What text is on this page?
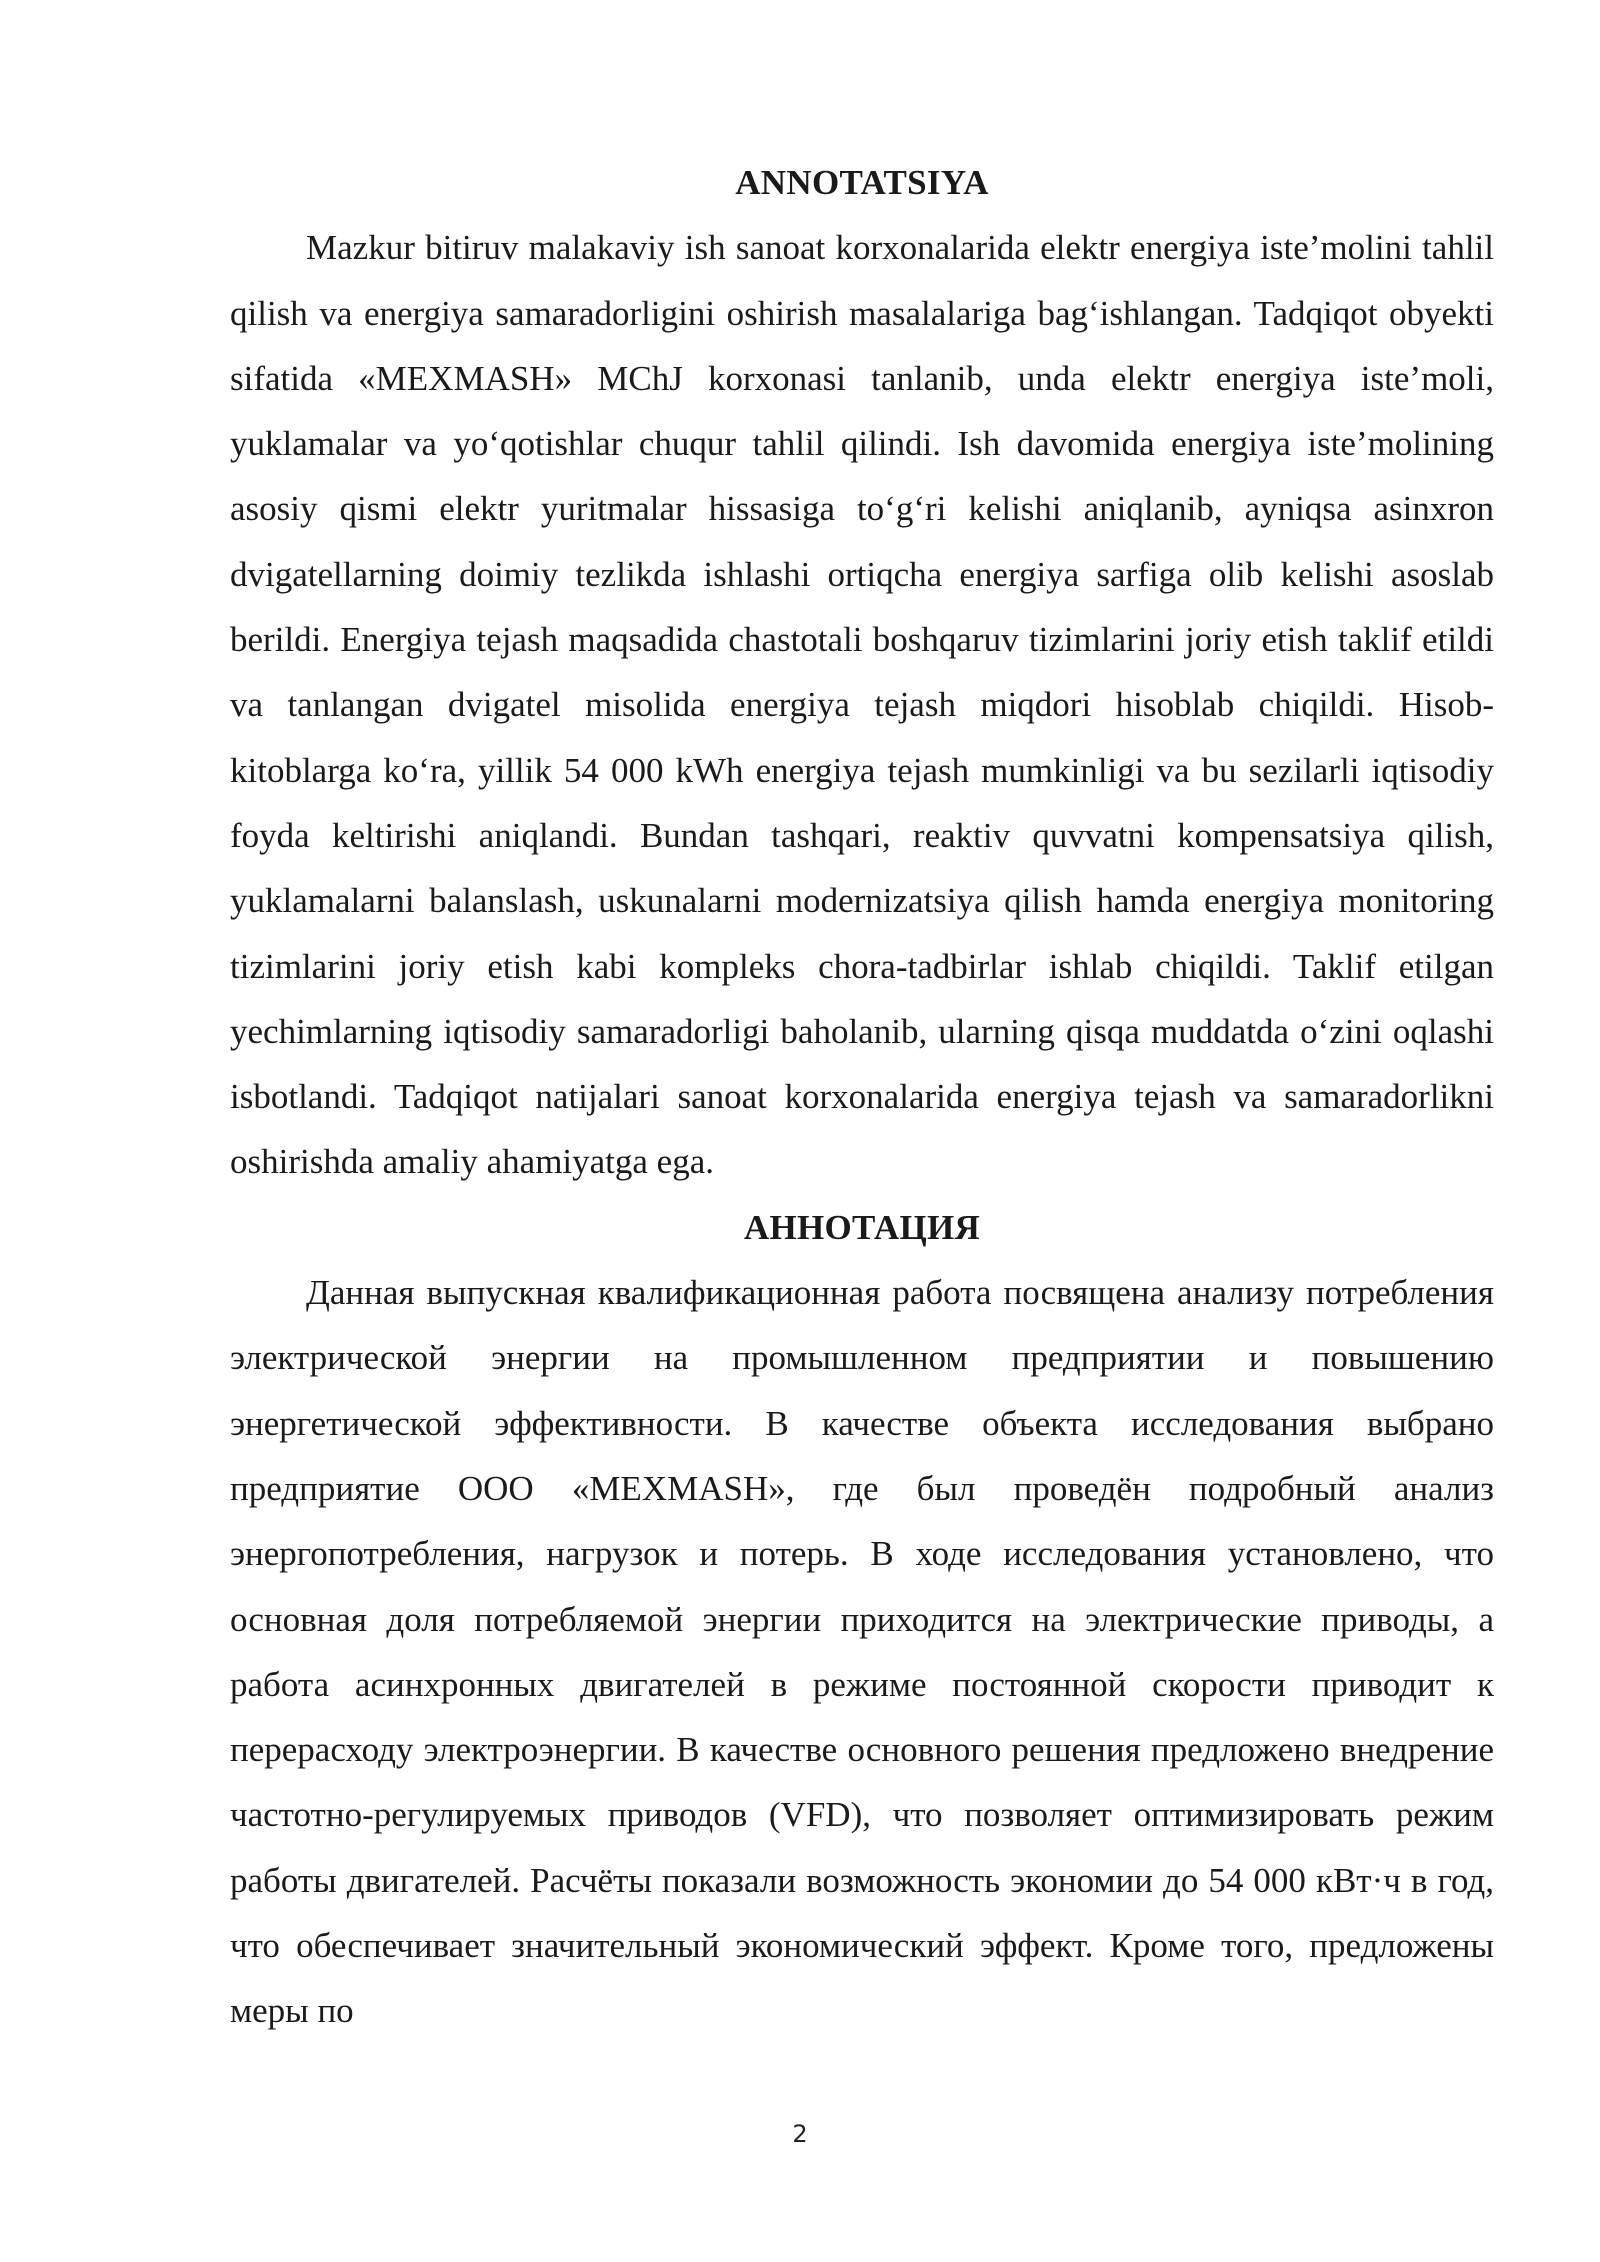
ANNOTATSIYA

Mazkur bitiruv malakaviy ish sanoat korxonalarida elektr energiya iste’molini tahlil qilish va energiya samaradorligini oshirish masalalariga bag‘ishlangan. Tadqiqot obyekti sifatida «MEXMASH» MChJ korxonasi tanlanib, unda elektr energiya iste’moli, yuklamalar va yo‘qotishlar chuqur tahlil qilindi. Ish davomida energiya iste’molining asosiy qismi elektr yuritmalar hissasiga to‘g‘ri kelishi aniqlanib, ayniqsa asinxron dvigatellarning doimiy tezlikda ishlashi ortiqcha energiya sarfiga olib kelishi asoslab berildi. Energiya tejash maqsadida chastotali boshqaruv tizimlarini joriy etish taklif etildi va tanlangan dvigatel misolida energiya tejash miqdori hisoblab chiqildi. Hisob-kitoblarga ko‘ra, yillik 54 000 kWh energiya tejash mumkinligi va bu sezilarli iqtisodiy foyda keltirishi aniqlandi. Bundan tashqari, reaktiv quvvatni kompensatsiya qilish, yuklamalarni balanslash, uskunalarni modernizatsiya qilish hamda energiya monitoring tizimlarini joriy etish kabi kompleks chora-tadbirlar ishlab chiqildi. Taklif etilgan yechimlarning iqtisodiy samaradorligi baholanib, ularning qisqa muddatda o‘zini oqlashi isbotlandi. Tadqiqot natijalari sanoat korxonalarida energiya tejash va samaradorlikni oshirishda amaliy ahamiyatga ega.

АННОТАЦИЯ

Данная выпускная квалификационная работа посвящена анализу потребления электрической энергии на промышленном предприятии и повышению энергетической эффективности. В качестве объекта исследования выбрано предприятие ООО «MEXMASH», где был проведён подробный анализ энергопотребления, нагрузок и потерь. В ходе исследования установлено, что основная доля потребляемой энергии приходится на электрические приводы, а работа асинхронных двигателей в режиме постоянной скорости приводит к перерасходу электроэнергии. В качестве основного решения предложено внедрение частотно-регулируемых приводов (VFD), что позволяет оптимизировать режим работы двигателей. Расчёты показали возможность экономии до 54 000 кВт·ч в год, что обеспечивает значительный экономический эффект. Кроме того, предложены меры по

2
